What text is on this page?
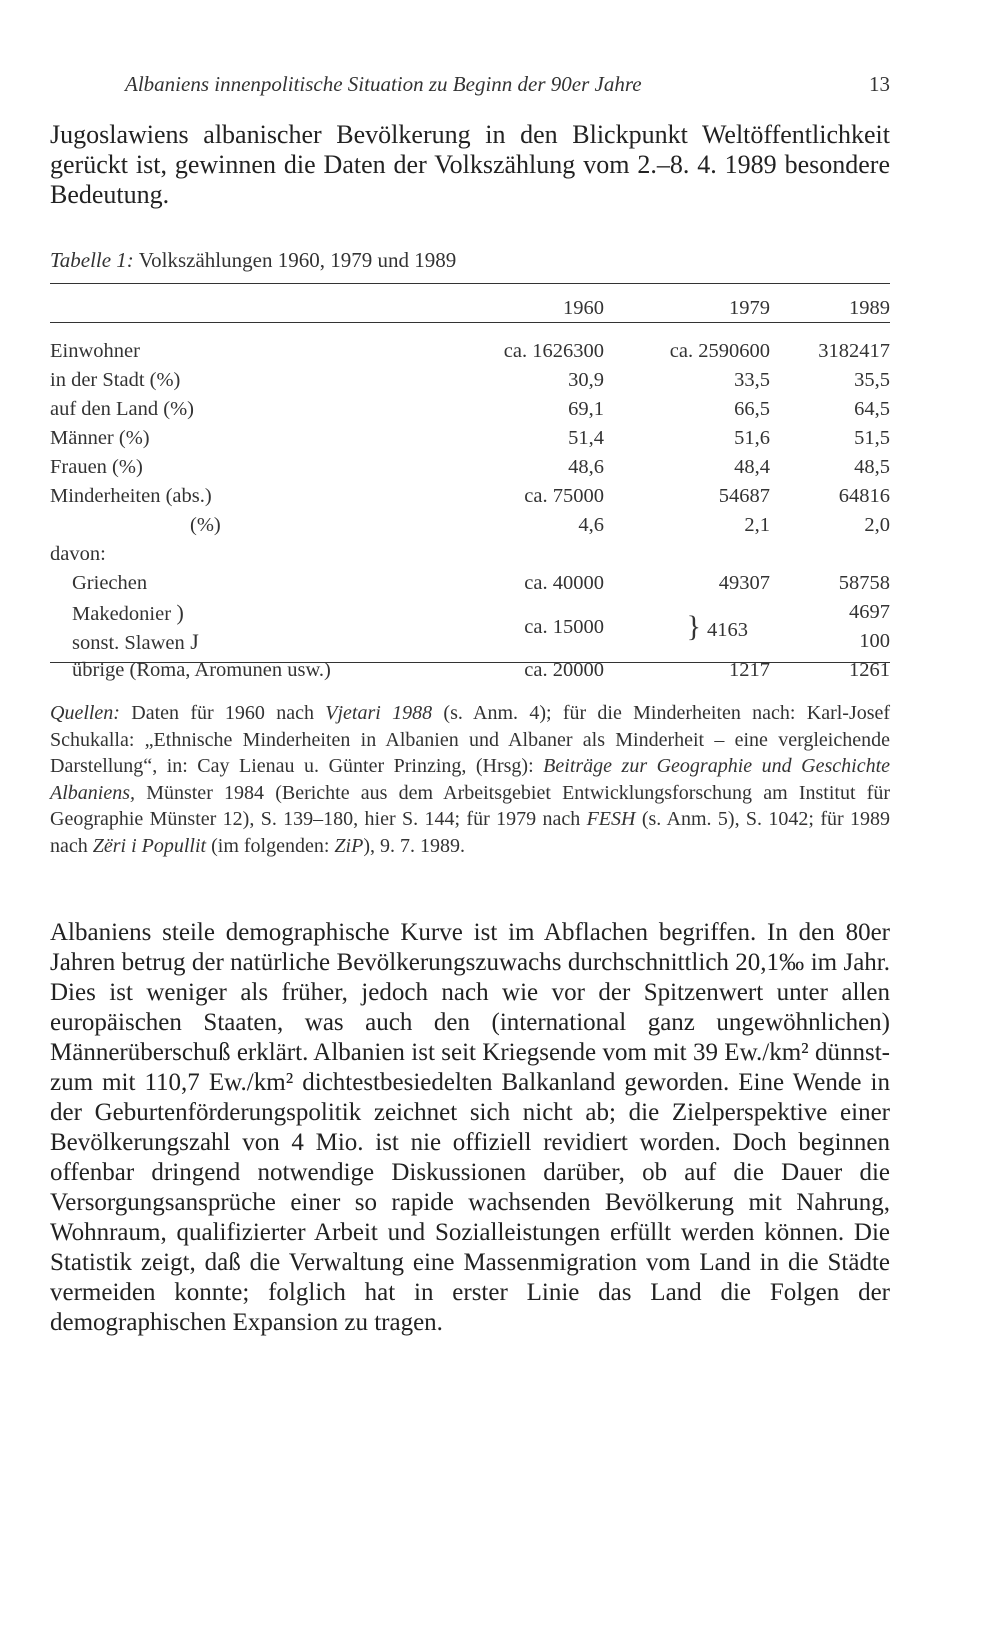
Albaniens innenpolitische Situation zu Beginn der 90er Jahre	13

Jugoslawiens albanischer Bevölkerung in den Blickpunkt Weltöffentlichkeit gerückt ist, gewinnen die Daten der Volkszählung vom 2.–8. 4. 1989 besondere Bedeutung.

Tabelle 1: Volkszählungen 1960, 1979 und 1989
	1960	1979	1989

Einwohner	ca. 1626300	ca. 2590600	3182417
in der Stadt (%)	30,9	33,5	35,5
auf den Land (%)	69,1	66,5	64,5
Männer (%)	51,4	51,6	51,5
Frauen (%)	48,6	48,4	48,5
Minderheiten (abs.)	ca. 75000	54687	64816
(%)	4,6	2,1	2,0
davon:			
Griechen	ca. 40000	49307	58758
Makedonier )	ca. 15000	} 4163	4697
sonst. Slawen J			100
übrige (Roma, Aromunen usw.)	ca. 20000	1217	1261

Quellen: Daten für 1960 nach Vjetari 1988 (s. Anm. 4); für die Minderheiten nach: Karl-Josef Schukalla: „Ethnische Minderheiten in Albanien und Albaner als Minderheit – eine vergleichende Darstellung“, in: Cay Lienau u. Günter Prinzing, (Hrsg): Beiträge zur Geographie und Geschichte Albaniens, Münster 1984 (Berichte aus dem Arbeitsgebiet Entwicklungsforschung am Institut für Geographie Münster 12), S. 139–180, hier S. 144; für 1979 nach FESH (s. Anm. 5), S. 1042; für 1989 nach Zëri i Popullit (im folgenden: ZiP), 9. 7. 1989.

Albaniens steile demographische Kurve ist im Abflachen begriffen. In den 80er Jahren betrug der natürliche Bevölkerungszuwachs durchschnittlich 20,1‰ im Jahr. Dies ist weniger als früher, jedoch nach wie vor der Spitzenwert unter allen europäischen Staaten, was auch den (international ganz ungewöhnlichen) Männerüberschuß erklärt. Albanien ist seit Kriegsende vom mit 39 Ew./km² dünnst- zum mit 110,7 Ew./km² dichtestbesiedelten Balkanland geworden. Eine Wende in der Geburtenförderungspolitik zeichnet sich nicht ab; die Zielperspektive einer Bevölkerungszahl von 4 Mio. ist nie offiziell revidiert worden. Doch beginnen offenbar dringend notwendige Diskussionen darüber, ob auf die Dauer die Versorgungsansprüche einer so rapide wachsenden Bevölkerung mit Nahrung, Wohnraum, qualifizierter Arbeit und Sozialleistungen erfüllt werden können. Die Statistik zeigt, daß die Verwaltung eine Massenmigration vom Land in die Städte vermeiden konnte; folglich hat in erster Linie das Land die Folgen der demographischen Expansion zu tragen.
